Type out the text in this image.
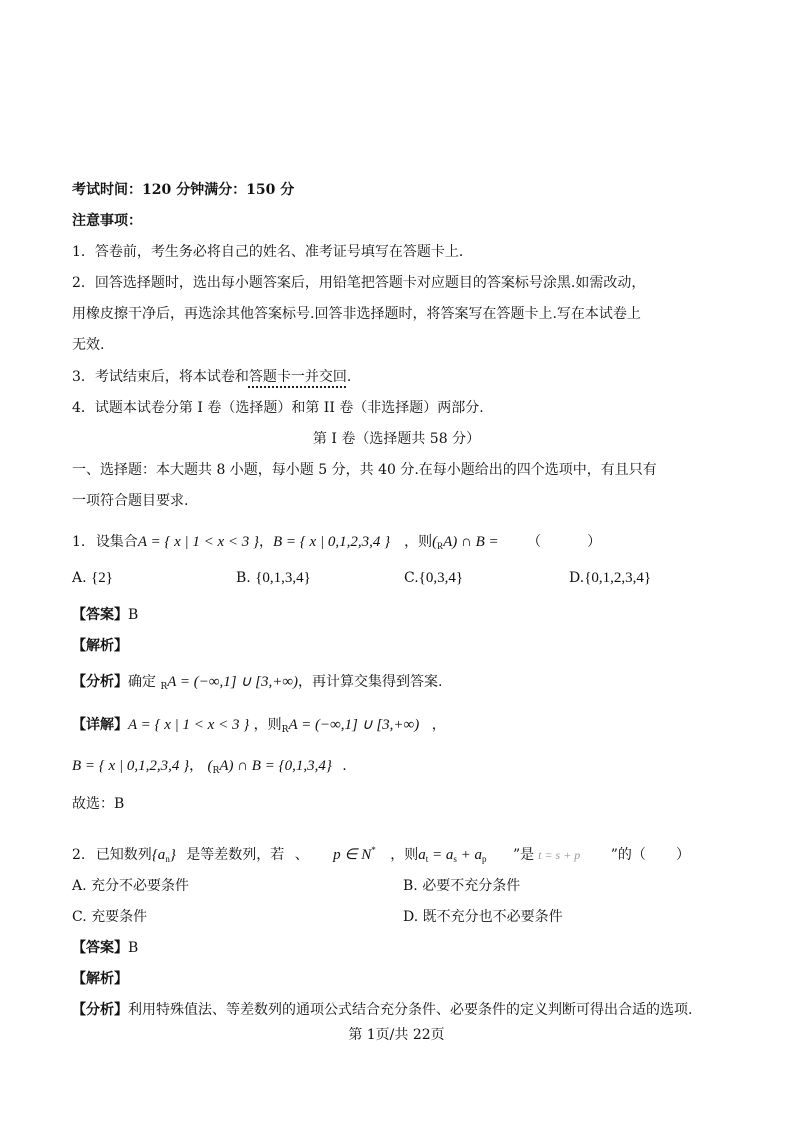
考试时间：120 分钟满分：150 分
注意事项：
1．答卷前，考生务必将自己的姓名、准考证号填写在答题卡上．
2．回答选择题时，选出每小题答案后，用铅笔把答题卡对应题目的答案标号涂黑.如需改动，
用橡皮擦干净后，再选涂其他答案标号.回答非选择题时，将答案写在答题卡上.写在本试卷上
无效.
3．考试结束后，将本试卷和答题卡一并交回.
4．试题本试卷分第 I 卷（选择题）和第 II 卷（非选择题）两部分.
第 I 卷（选择题共 58 分）
一、选择题：本大题共 8 小题，每小题 5 分，共 40 分.在每小题给出的四个选项中，有且只有
一项符合题目要求.
1. 设集合A = { x | 1 < x < 3 }，B = { x | 0,1,2,3,4 } ，则$(_RA)$ ∩ B = （	）
A. {2}	B. {0,1,3,4}	C.{0,3,4}	D.{0,1,2,3,4}
【答案】B
【解析】
【分析】确定 $_R$A = (−∞,1] ∪ [3,+∞)，再计算交集得到答案.
【详解】A = { x | 1 < x < 3 } ，则$_R$A = (−∞,1] ∪ [3,+∞) ，
B = { x | 0,1,2,3,4 }， $(_RA)$ ∩ B = {0,1,3,4} .
故选：B
2. 已知数列$\{a_n\}$ 是等差数列，若 、 p ∈ N* ，则$a_t = a_s + a_p$ ”是 t = s + p ”的（ ）
A. 充分不必要条件	B. 必要不充分条件
C. 充要条件	D. 既不充分也不必要条件
【答案】B
【解析】
【分析】利用特殊值法、等差数列的通项公式结合充分条件、必要条件的定义判断可得出合适的选项.
第 1页/共 22页
